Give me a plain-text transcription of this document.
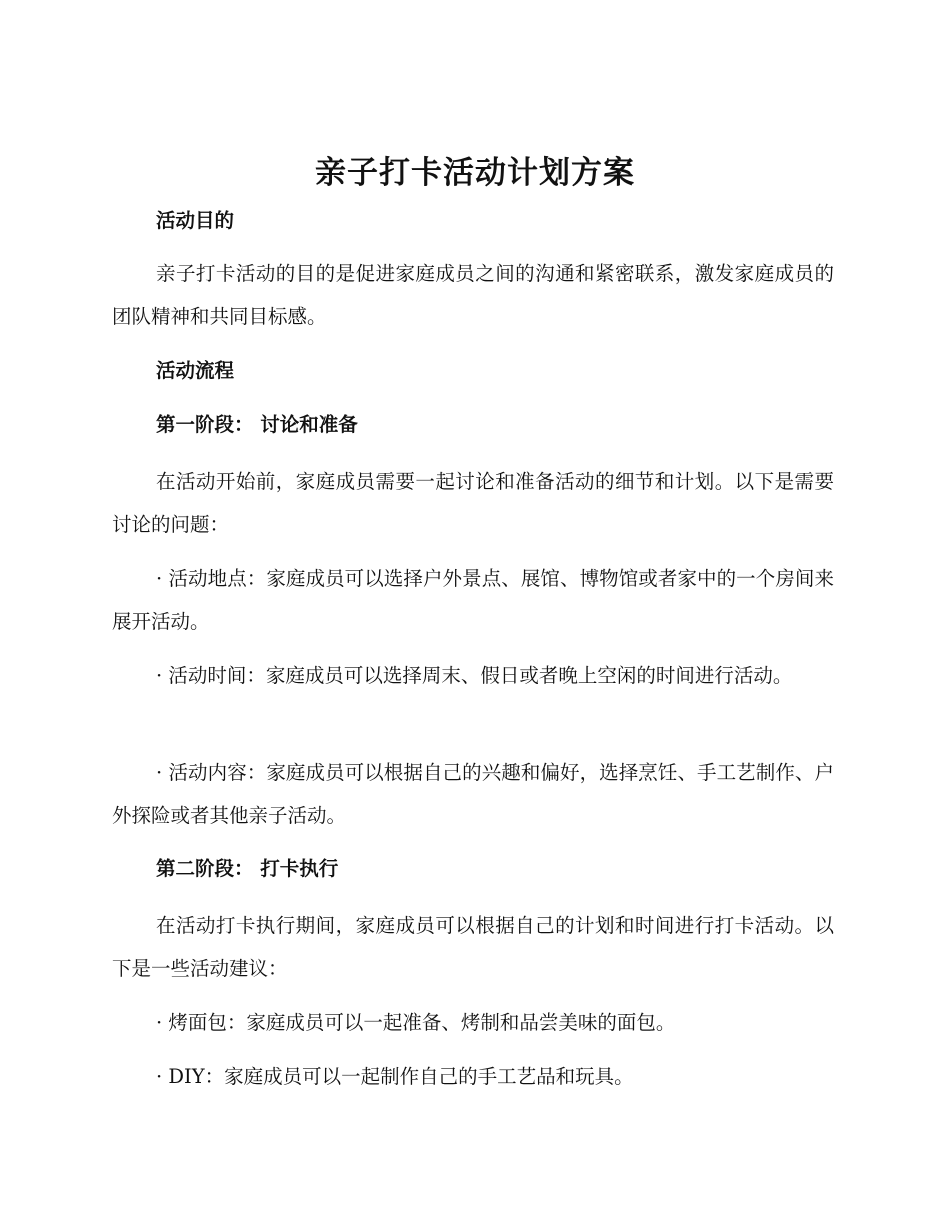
亲子打卡活动计划方案
活动目的
亲子打卡活动的目的是促进家庭成员之间的沟通和紧密联系，激发家庭成员的团队精神和共同目标感。
活动流程
第一阶段： 讨论和准备
在活动开始前，家庭成员需要一起讨论和准备活动的细节和计划。以下是需要讨论的问题：
· 活动地点：家庭成员可以选择户外景点、展馆、博物馆或者家中的一个房间来展开活动。
· 活动时间：家庭成员可以选择周末、假日或者晚上空闲的时间进行活动。
· 活动内容：家庭成员可以根据自己的兴趣和偏好，选择烹饪、手工艺制作、户外探险或者其他亲子活动。
第二阶段： 打卡执行
在活动打卡执行期间，家庭成员可以根据自己的计划和时间进行打卡活动。以下是一些活动建议：
· 烤面包：家庭成员可以一起准备、烤制和品尝美味的面包。
· DIY：家庭成员可以一起制作自己的手工艺品和玩具。
